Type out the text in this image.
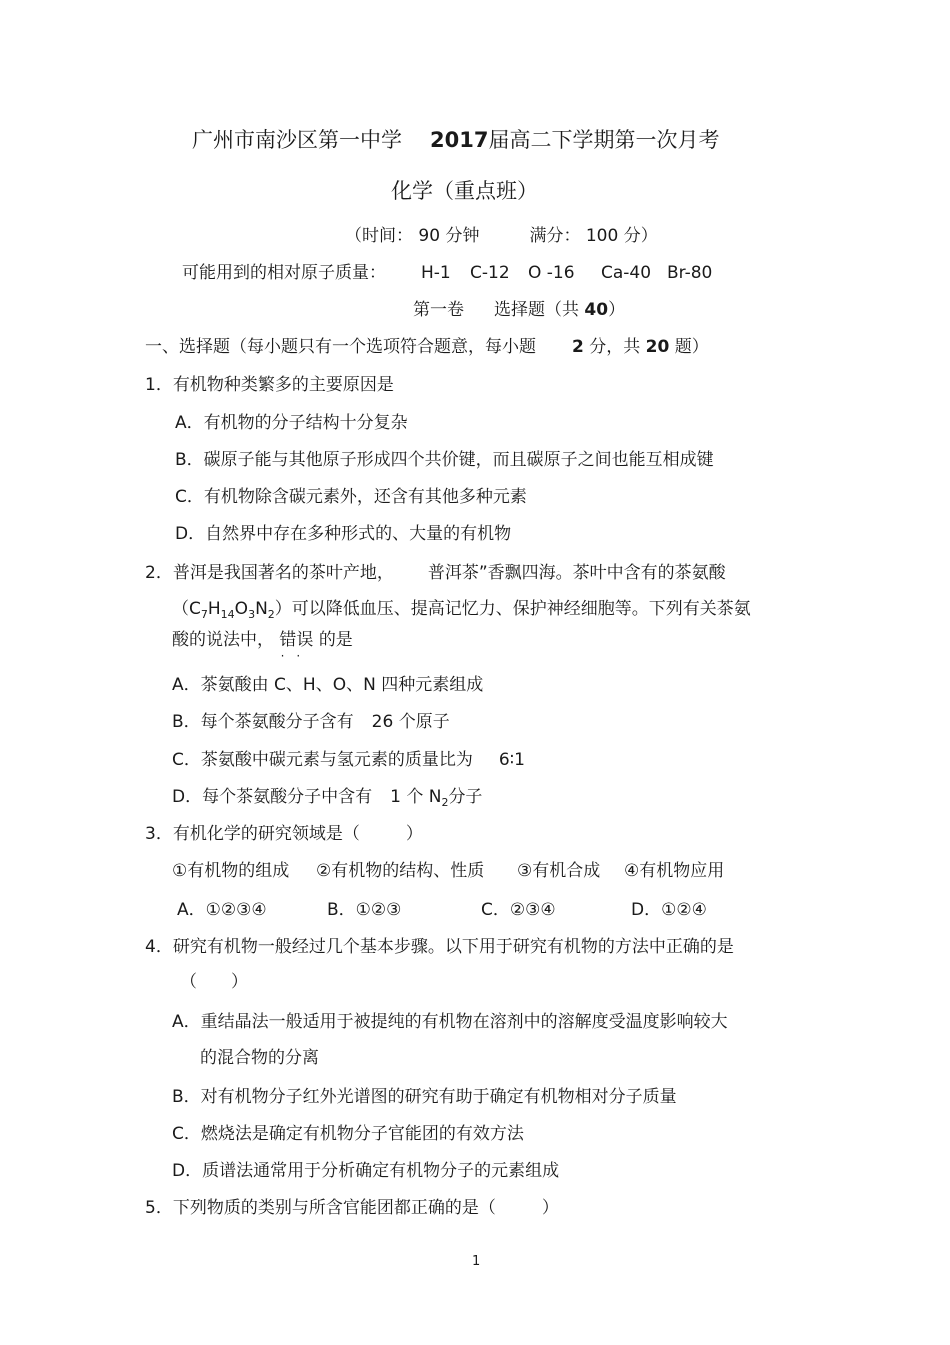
广州市南沙区第一中学 2017届高二下学期第一次月考
化学（重点班）
（时间： 90 分钟	满分： 100 分）
可能用到的相对原子质量： H-1 C-12 O -16 Ca-40 Br-80
第一卷 选择题（共 40）
一、选择题（每小题只有一个选项符合题意，每小题 2 分，共 20 题）
1．有机物种类繁多的主要原因是
A．有机物的分子结构十分复杂
B．碳原子能与其他原子形成四个共价键，而且碳原子之间也能互相成键
C．有机物除含碳元素外，还含有其他多种元素
D．自然界中存在多种形式的、大量的有机物
2．普洱是我国著名的茶叶产地， 普洱茶”香飘四海。茶叶中含有的茶氨酸
$(C_7H_{14}O_3N_2)$可以降低血压、提高记忆力、保护神经细胞等。下列有关茶氨
酸的说法中， 错误
··
的是
A．茶氨酸由 C、H、O、N 四种元素组成
B．每个茶氨酸分子含有 26 个原子
C．茶氨酸中碳元素与氢元素的质量比为 6∶1
D．每个茶氨酸分子中含有 1 个 $N_2$分子
3．有机化学的研究领域是（	）
①有机物的组成 ②有机物的结构、性质 ③有机合成 ④有机物应用
A．①②③④	B．①②③	C．②③④	D．①②④
4．研究有机物一般经过几个基本步骤。以下用于研究有机物的方法中正确的是
（　　）
A．重结晶法一般适用于被提纯的有机物在溶剂中的溶解度受温度影响较大
的混合物的分离
B．对有机物分子红外光谱图的研究有助于确定有机物相对分子质量
C．燃烧法是确定有机物分子官能团的有效方法
D．质谱法通常用于分析确定有机物分子的元素组成
5．下列物质的类别与所含官能团都正确的是（	）
1
